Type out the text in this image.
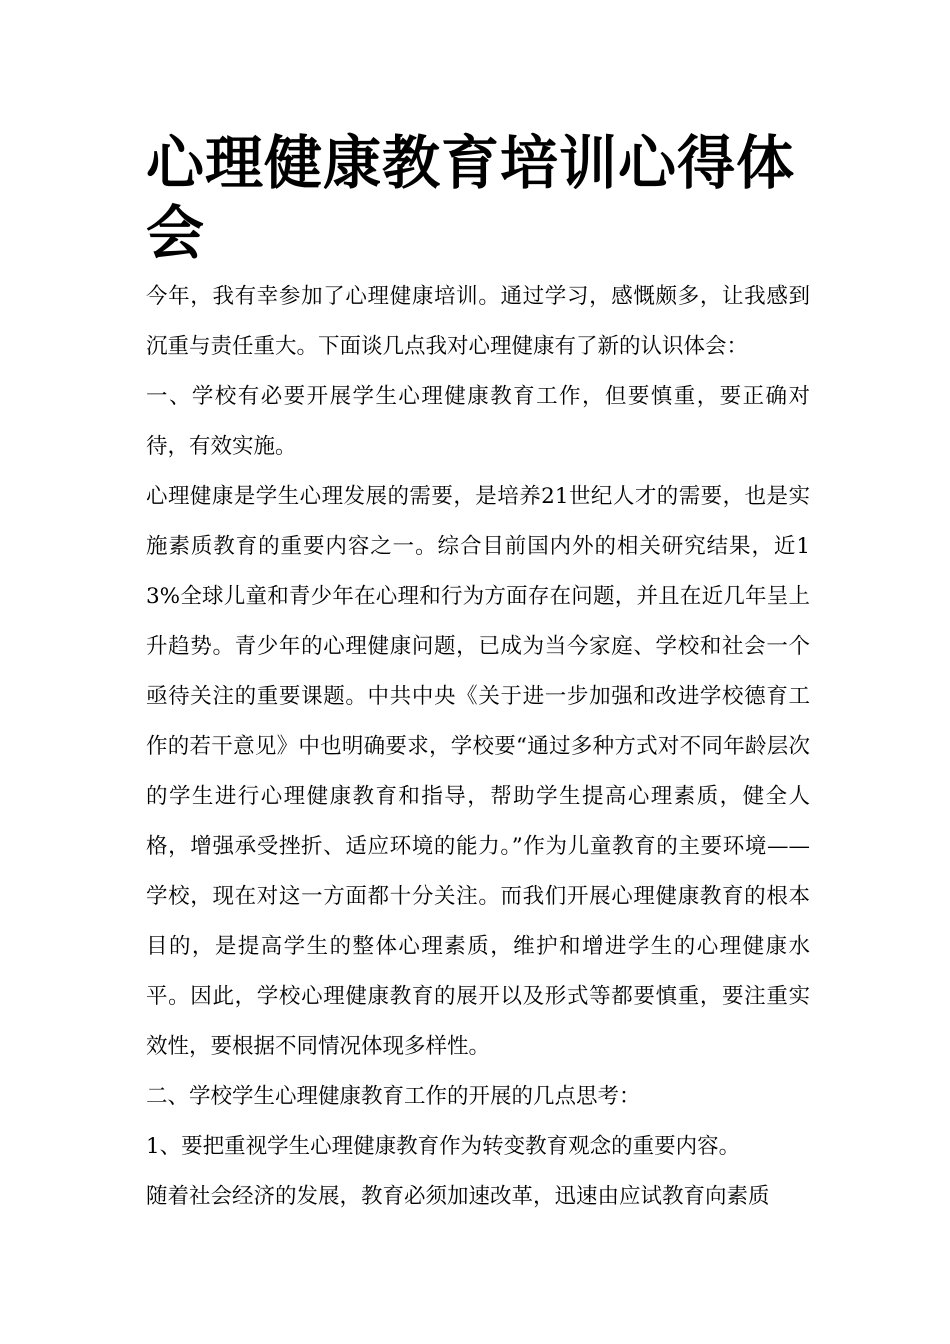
心理健康教育培训心得体会

今年，我有幸参加了心理健康培训。通过学习，感慨颇多，让我感到沉重与责任重大。下面谈几点我对心理健康有了新的认识体会：

一、学校有必要开展学生心理健康教育工作，但要慎重，要正确对待，有效实施。

心理健康是学生心理发展的需要，是培养21世纪人才的需要，也是实施素质教育的重要内容之一。综合目前国内外的相关研究结果，近13%全球儿童和青少年在心理和行为方面存在问题，并且在近几年呈上升趋势。青少年的心理健康问题，已成为当今家庭、学校和社会一个亟待关注的重要课题。中共中央《关于进一步加强和改进学校德育工作的若干意见》中也明确要求，学校要“通过多种方式对不同年龄层次的学生进行心理健康教育和指导，帮助学生提高心理素质，健全人格，增强承受挫折、适应环境的能力。”作为儿童教育的主要环境——学校，现在对这一方面都十分关注。而我们开展心理健康教育的根本目的，是提高学生的整体心理素质，维护和增进学生的心理健康水平。因此，学校心理健康教育的展开以及形式等都要慎重，要注重实效性，要根据不同情况体现多样性。

二、学校学生心理健康教育工作的开展的几点思考：

1、要把重视学生心理健康教育作为转变教育观念的重要内容。

随着社会经济的发展，教育必须加速改革，迅速由应试教育向素质
